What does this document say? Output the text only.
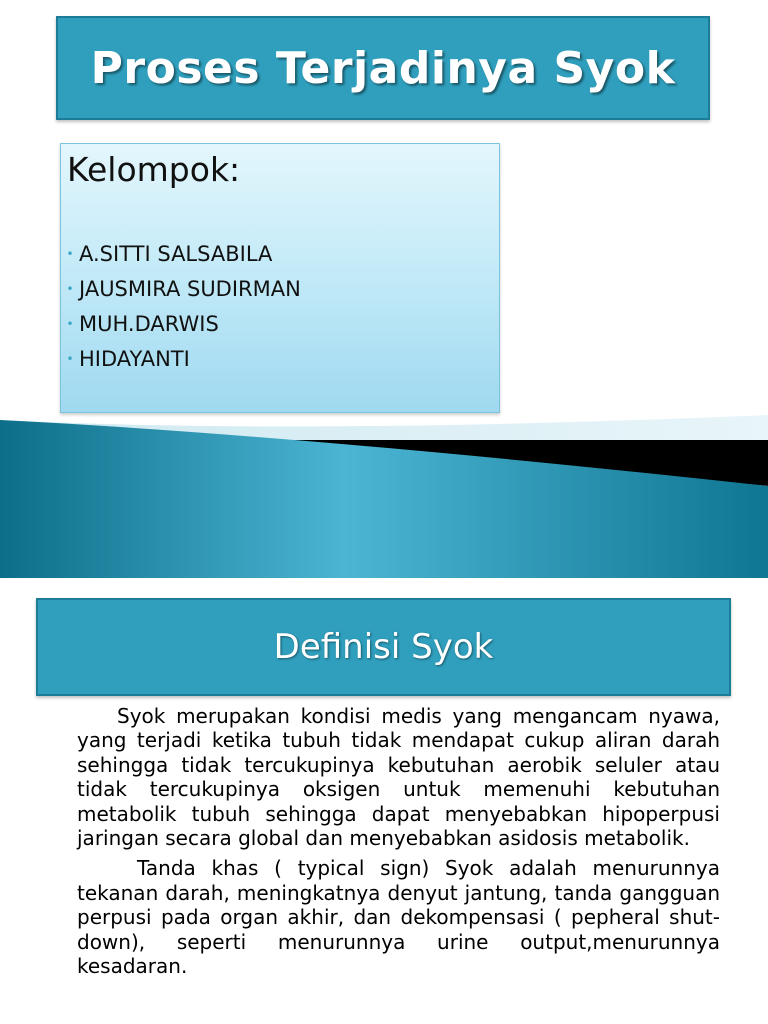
Proses Terjadinya Syok
Kelompok:
• A.SITTI SALSABILA
• JAUSMIRA SUDIRMAN
• MUH.DARWIS
• HIDAYANTI
Definisi Syok

Syok merupakan kondisi medis yang mengancam nyawa, yang terjadi ketika tubuh tidak mendapat cukup aliran darah sehingga tidak tercukupinya kebutuhan aerobik seluler atau tidak tercukupinya oksigen untuk memenuhi kebutuhan metabolik tubuh sehingga dapat menyebabkan hipoperpusi jaringan secara global dan menyebabkan asidosis metabolik.

Tanda khas ( typical sign) Syok adalah menurunnya tekanan darah, meningkatnya denyut jantung, tanda gangguan perpusi pada organ akhir, dan dekompensasi ( pepheral shut-down), seperti menurunnya urine output,menurunnya kesadaran.
